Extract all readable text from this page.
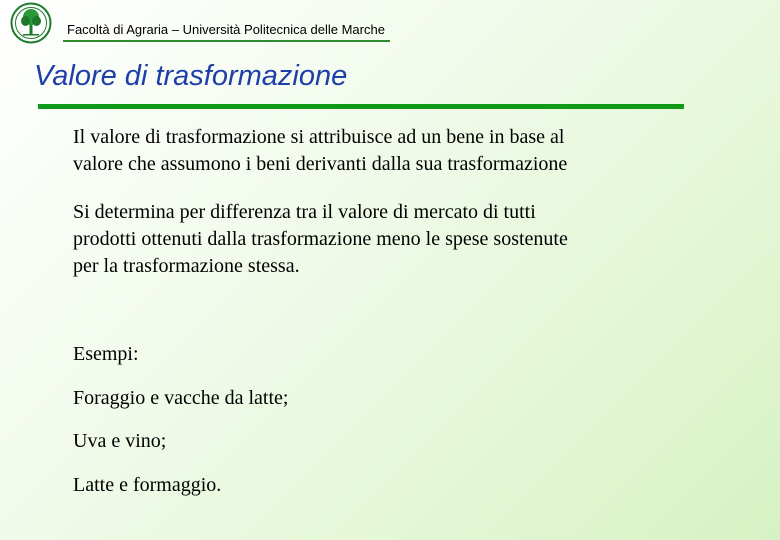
Facoltà di Agraria – Università Politecnica delle Marche
Valore di trasformazione

Il valore di trasformazione si attribuisce ad un bene in base al
valore che assumono i beni derivanti dalla sua trasformazione

Si determina per differenza tra il valore di mercato di tutti
prodotti ottenuti dalla trasformazione meno le spese sostenute
per la trasformazione stessa.

Esempi:

Foraggio e vacche da latte;

Uva e vino;

Latte e formaggio.
